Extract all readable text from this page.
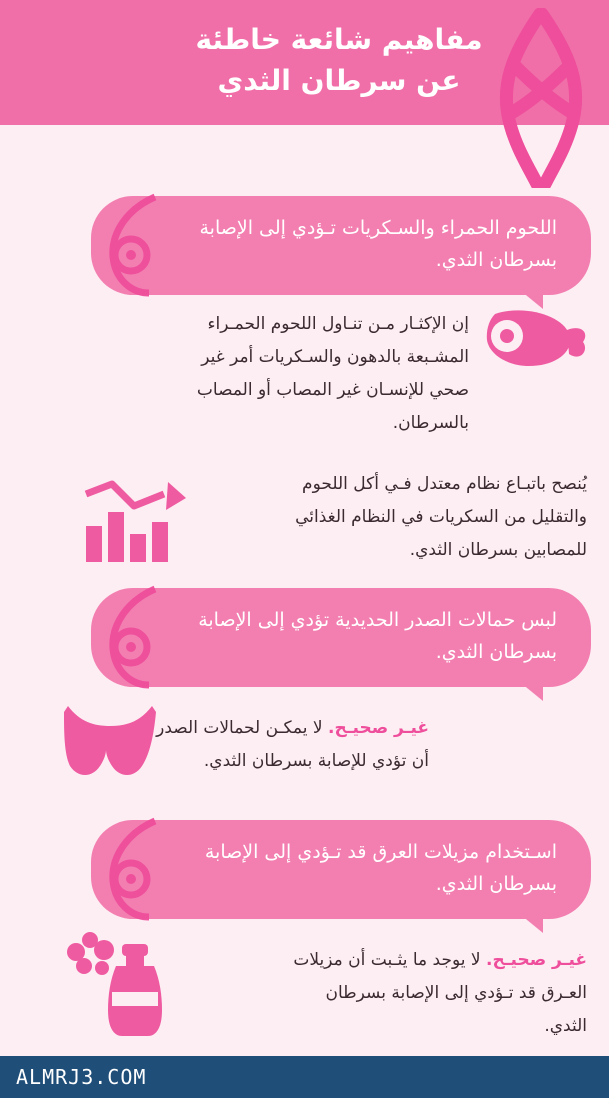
مفاهيم شائعة خاطئة
عن سرطان الثدي
اللحوم الحمراء والسـكريات تـؤدي إلى الإصابة
بسرطان الثدي.
إن الإكثـار مـن تنـاول اللحوم الحمـراء
المشـبعة بالدهون والسـكريات أمر غير
صحي للإنسـان غير المصاب أو المصاب
بالسرطان.
يُنصح باتبـاع نظام معتدل فـي أكل اللحوم
والتقليل من السكريات في النظام الغذائي
للمصابين بسرطان الثدي.
لبس حمالات الصدر الحديدية تؤدي إلى الإصابة
بسرطان الثدي.
غيـر صحيـح. لا يمكـن لحمالات الصدر
أن تؤدي للإصابة بسرطان الثدي.
اسـتخدام مزيلات العرق قد تـؤدي إلى الإصابة
بسرطان الثدي.
غيـر صحيـح. لا يوجد ما يثـبت أن مزيلات
العـرق قد تـؤدي إلى الإصابة بسرطان
الثدي.
ALMRJ3.COM
